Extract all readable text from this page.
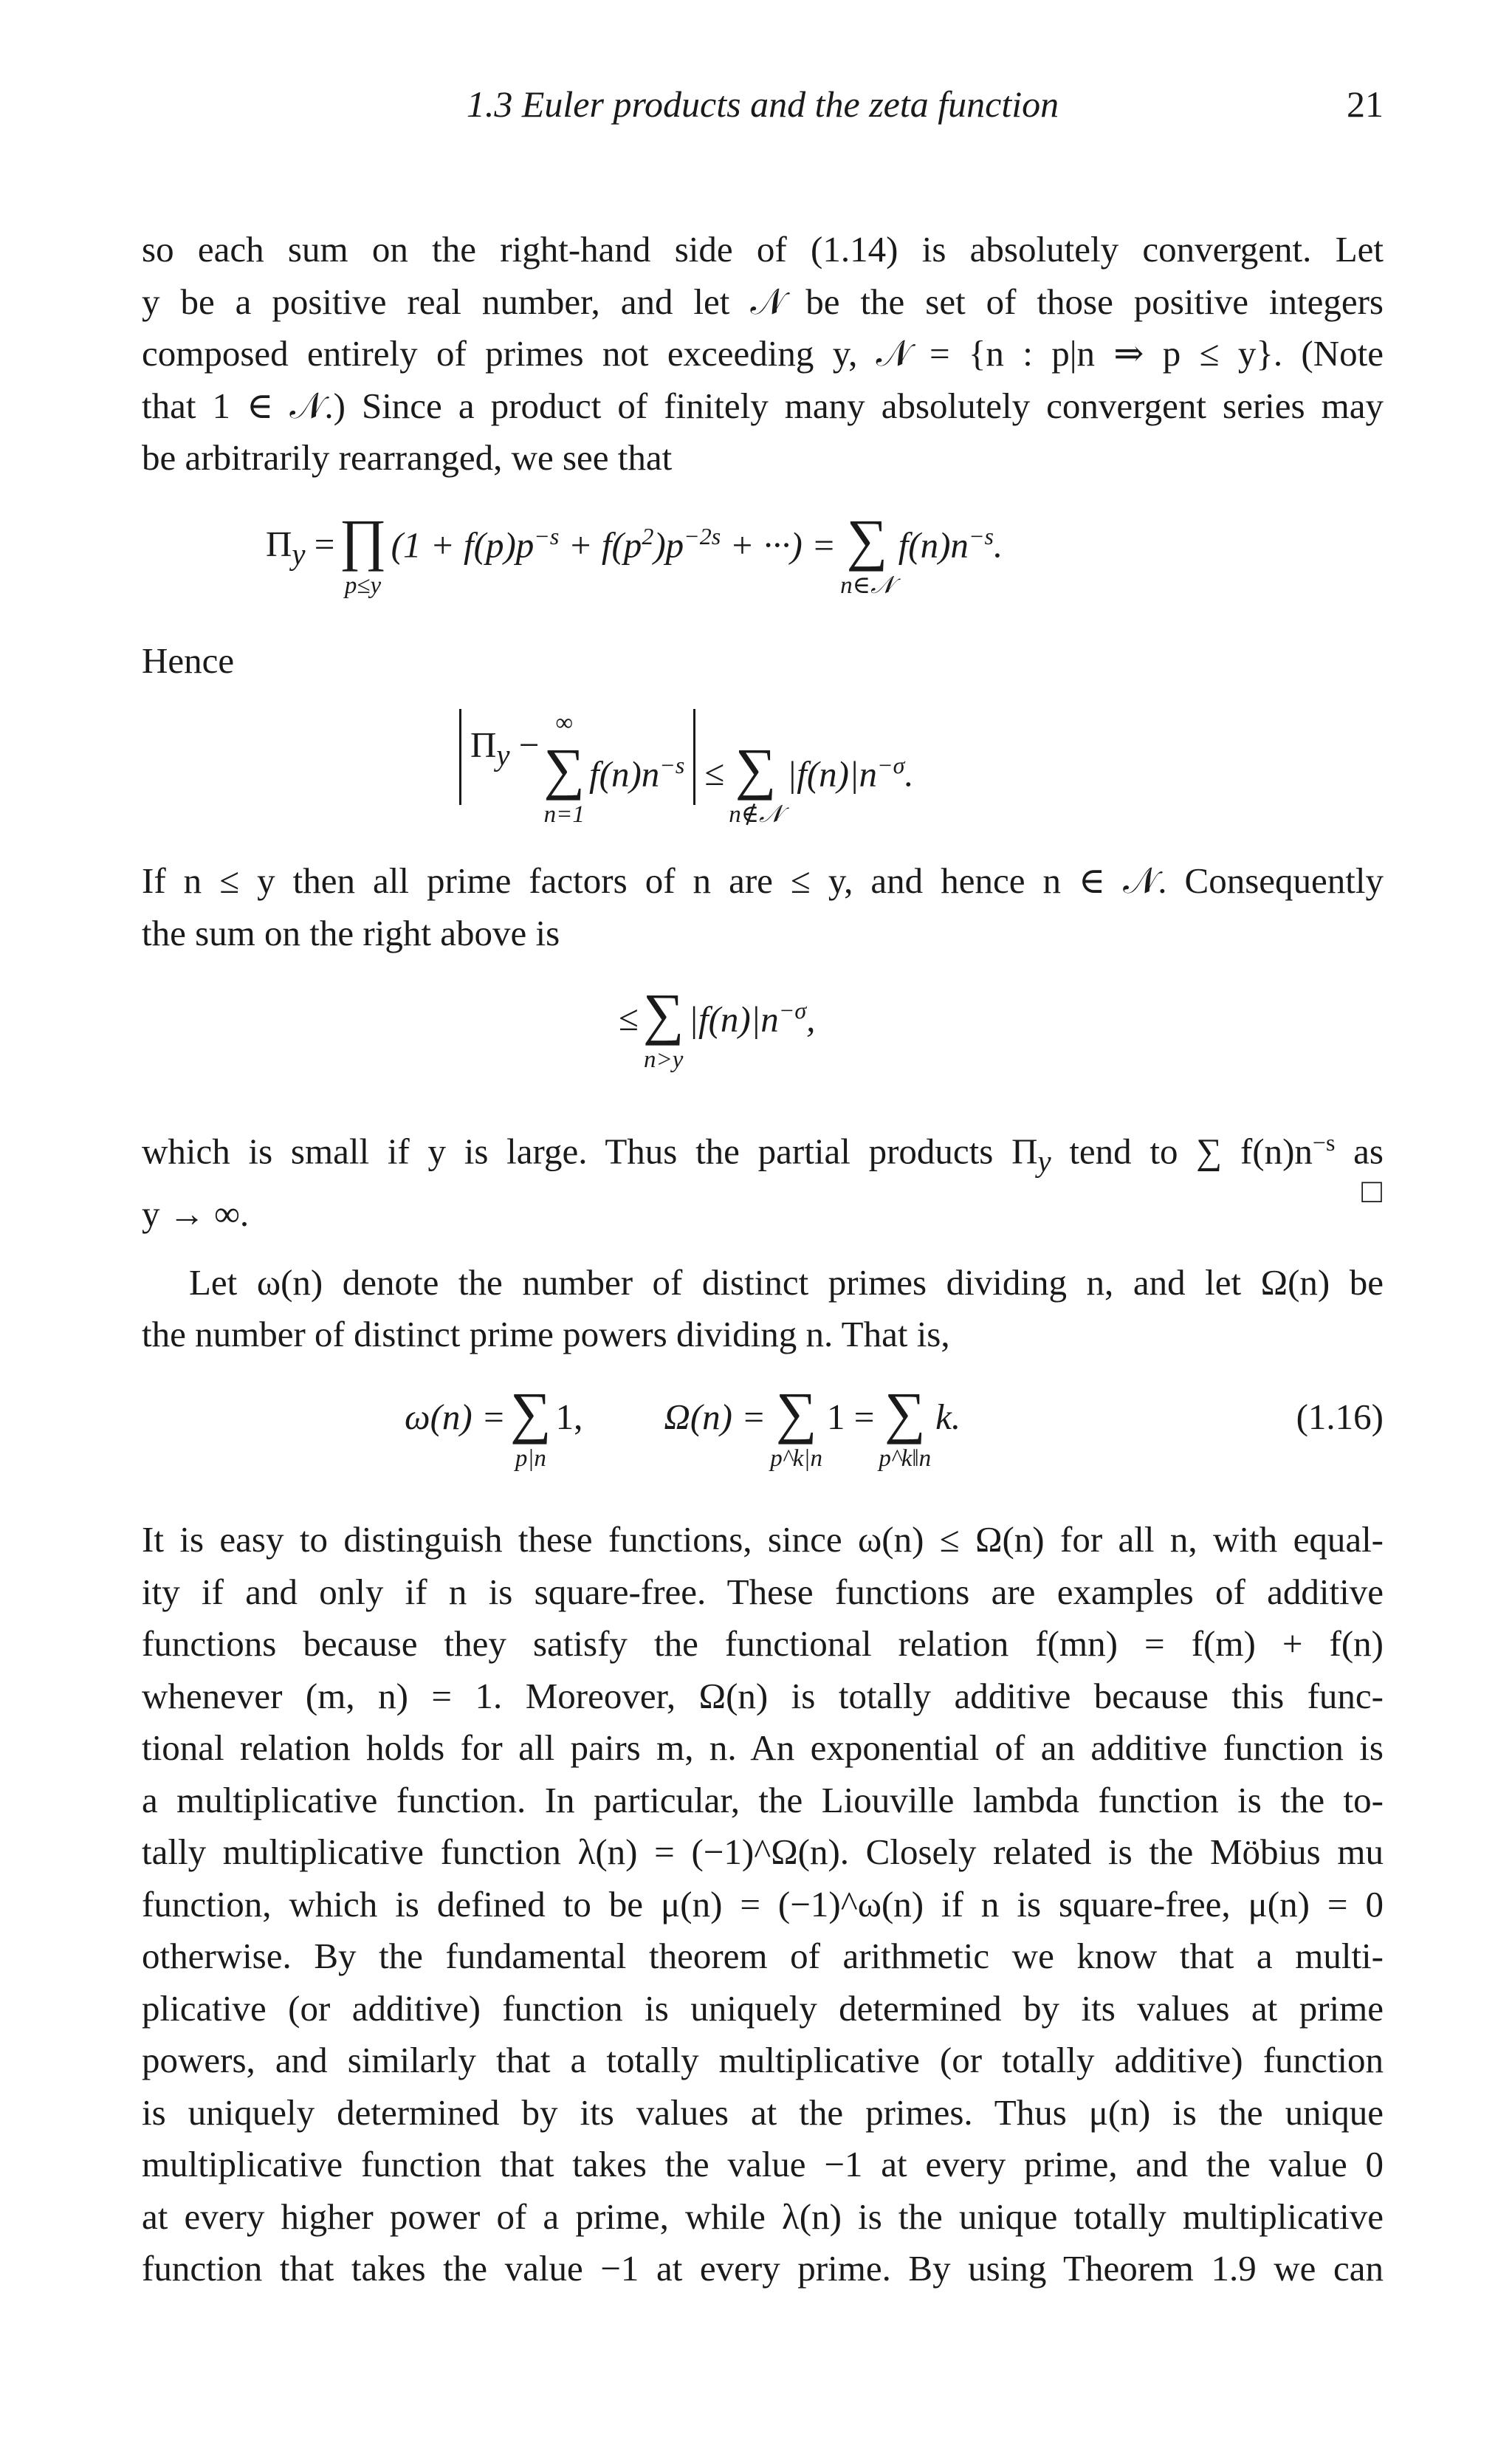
1.3 Euler products and the zeta function	21
so each sum on the right-hand side of (1.14) is absolutely convergent. Let
y be a positive real number, and let 𝒩 be the set of those positive integers
composed entirely of primes not exceeding y, 𝒩 = {n : p|n ⇒ p ≤ y}. (Note
that 1 ∈ 𝒩.) Since a product of finitely many absolutely convergent series may
be arbitrarily rearranged, we see that
$\Pi_y$ = ∏
p≤y
($1 + f(p)p^{-s} + f(p^2)p^{-2s}$ + ···) = ∑
n∈𝒩
$f(n)n^{-s}$.
Hence
$\Pi_y$ −
∞
∑
n=1
$f(n)n^{-s}$ ≤ ∑
n∉𝒩
$|f(n)|n^{-\sigma}$.
If n ≤ y then all prime factors of n are ≤ y, and hence n ∈ 𝒩. Consequently
the sum on the right above is
≤ ∑
n>y
$|f(n)|n^{-\sigma}$,
which is small if y is large. Thus the partial products $\Pi_y$ tend to ∑ $f(n)n^{-s}$ as
y → ∞.
□
Let ω(n) denote the number of distinct primes dividing n, and let Ω(n) be
the number of distinct prime powers dividing n. That is,
ω(n) = ∑
p|n
1, Ω(n) = ∑
p^k|n
1 = ∑
p^k‖n
k.	(1.16)
It is easy to distinguish these functions, since ω(n) ≤ Ω(n) for all n, with equal-
ity if and only if n is square-free. These functions are examples of additive
functions because they satisfy the functional relation f(mn) = f(m) + f(n)
whenever (m, n) = 1. Moreover, Ω(n) is totally additive because this func-
tional relation holds for all pairs m, n. An exponential of an additive function is
a multiplicative function. In particular, the Liouville lambda function is the to-
tally multiplicative function λ(n) = (−1)^Ω(n). Closely related is the Möbius mu
function, which is defined to be μ(n) = (−1)^ω(n) if n is square-free, μ(n) = 0
otherwise. By the fundamental theorem of arithmetic we know that a multi-
plicative (or additive) function is uniquely determined by its values at prime
powers, and similarly that a totally multiplicative (or totally additive) function
is uniquely determined by its values at the primes. Thus μ(n) is the unique
multiplicative function that takes the value −1 at every prime, and the value 0
at every higher power of a prime, while λ(n) is the unique totally multiplicative
function that takes the value −1 at every prime. By using Theorem 1.9 we can
